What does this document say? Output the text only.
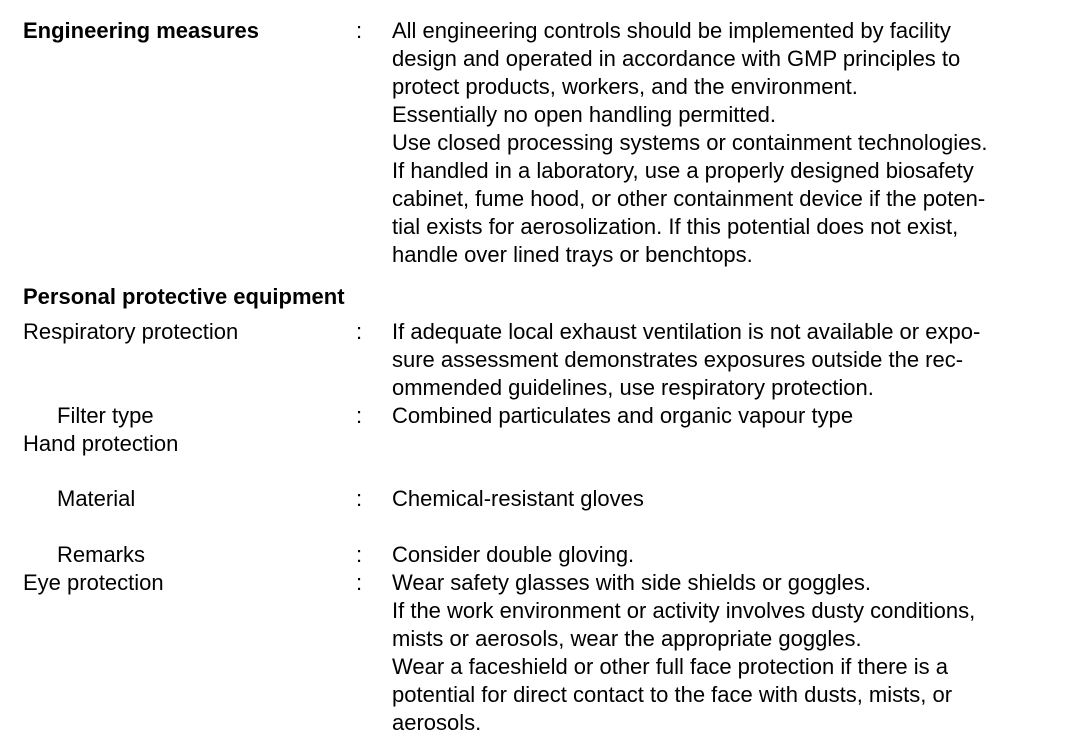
Engineering measures	: All engineering controls should be implemented by facility
design and operated in accordance with GMP principles to
protect products, workers, and the environment.
Essentially no open handling permitted.
Use closed processing systems or containment technologies.
If handled in a laboratory, use a properly designed biosafety
cabinet, fume hood, or other containment device if the poten-
tial exists for aerosolization. If this potential does not exist,
handle over lined trays or benchtops.
Personal protective equipment
Respiratory protection	: If adequate local exhaust ventilation is not available or expo-
sure assessment demonstrates exposures outside the rec-
ommended guidelines, use respiratory protection.
Filter type	: Combined particulates and organic vapour type
Hand protection
Material	: Chemical-resistant gloves
Remarks	: Consider double gloving.
Eye protection	: Wear safety glasses with side shields or goggles.
If the work environment or activity involves dusty conditions,
mists or aerosols, wear the appropriate goggles.
Wear a faceshield or other full face protection if there is a
potential for direct contact to the face with dusts, mists, or
aerosols.
